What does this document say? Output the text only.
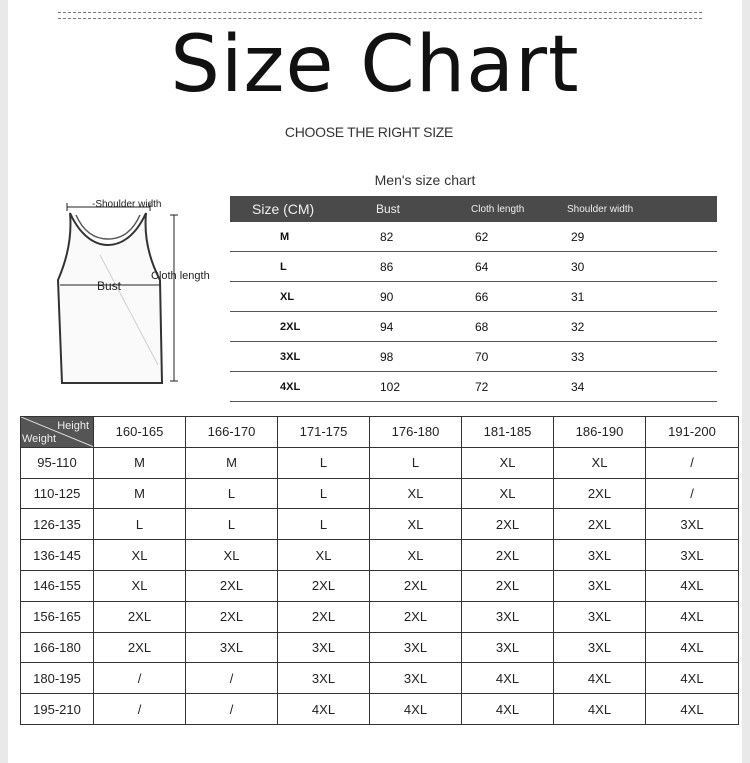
Size Chart
CHOOSE THE RIGHT SIZE
-Shoulder width
Bust
Cloth length
Men's size chart
Size (CM)	Bust	Cloth length	Shoulder width
M	82	62	29
L	86	64	30
XL	90	66	31
2XL	94	68	32
3XL	98	70	33
4XL	102	72	34
Height
Weight	160-165	166-170	171-175	176-180	181-185	186-190	191-200
95-110	M	M	L	L	XL	XL	/
110-125	M	L	L	XL	XL	2XL	/
126-135	L	L	L	XL	2XL	2XL	3XL
136-145	XL	XL	XL	XL	2XL	3XL	3XL
146-155	XL	2XL	2XL	2XL	2XL	3XL	4XL
156-165	2XL	2XL	2XL	2XL	3XL	3XL	4XL
166-180	2XL	3XL	3XL	3XL	3XL	3XL	4XL
180-195	/	/	3XL	3XL	4XL	4XL	4XL
195-210	/	/	4XL	4XL	4XL	4XL	4XL
